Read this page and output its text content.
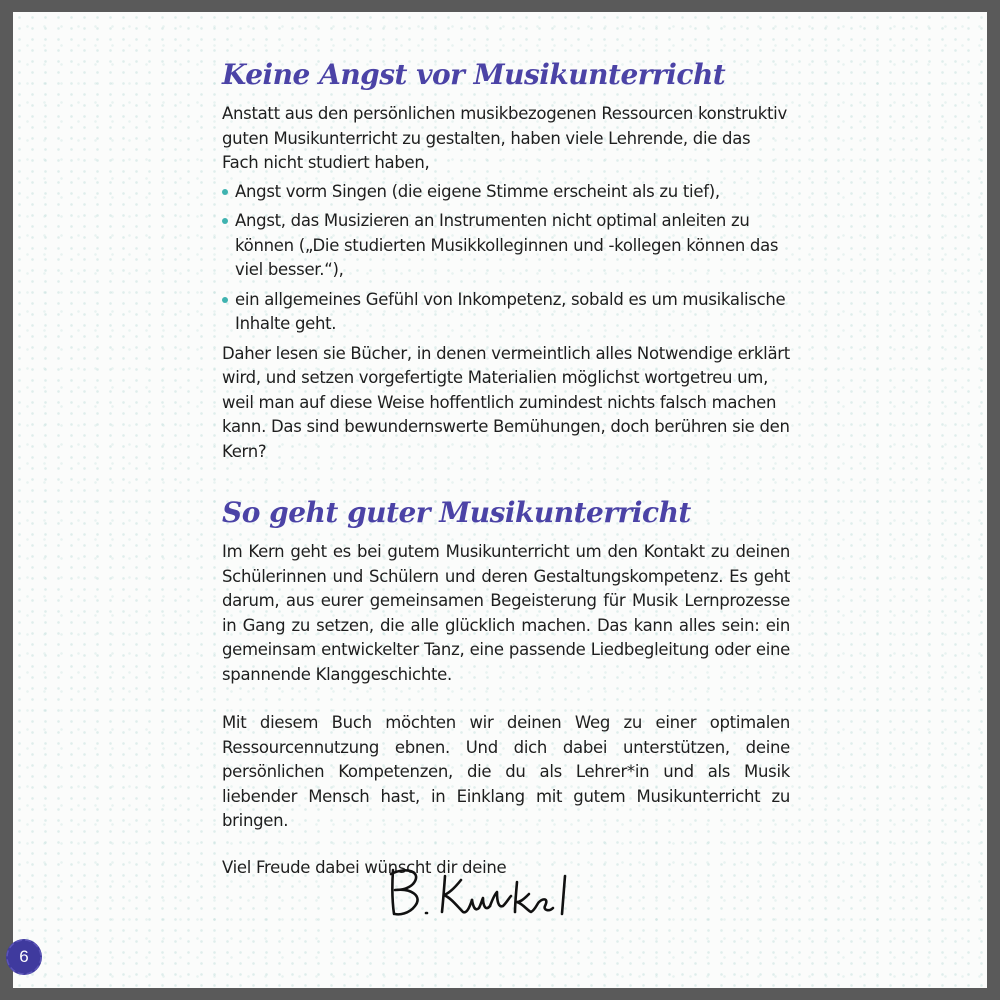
Keine Angst vor Musikunterricht

Anstatt aus den persönlichen musikbezogenen Ressourcen konstruktiv guten Musikunterricht zu gestalten, haben viele Lehrende, die das Fach nicht studiert haben,

Angst vorm Singen (die eigene Stimme erscheint als zu tief),
Angst, das Musizieren an Instrumenten nicht optimal anleiten zu können („Die studierten Musikkolleginnen und -kollegen können das viel besser.“),
ein allgemeines Gefühl von Inkompetenz, sobald es um musikalische Inhalte geht.

Daher lesen sie Bücher, in denen vermeintlich alles Notwendige erklärt wird, und setzen vorgefertigte Materialien möglichst wortgetreu um, weil man auf diese Weise hoffentlich zumindest nichts falsch machen kann. Das sind bewundernswerte Bemühungen, doch berühren sie den Kern?

So geht guter Musikunterricht

Im Kern geht es bei gutem Musikunterricht um den Kontakt zu deinen Schülerinnen und Schülern und deren Gestaltungskompetenz. Es geht darum, aus eurer gemeinsamen Begeisterung für Musik Lernprozesse in Gang zu setzen, die alle glücklich machen. Das kann alles sein: ein gemeinsam entwickelter Tanz, eine passende Liedbegleitung oder eine spannende Klanggeschichte.

Mit diesem Buch möchten wir deinen Weg zu einer optimalen Ressourcennutzung ebnen. Und dich dabei unterstützen, deine persönlichen Kompetenzen, die du als Lehrer*in und als Musik liebender Mensch hast, in Einklang mit gutem Musikunterricht zu bringen.

Viel Freude dabei wünscht dir deine

6
